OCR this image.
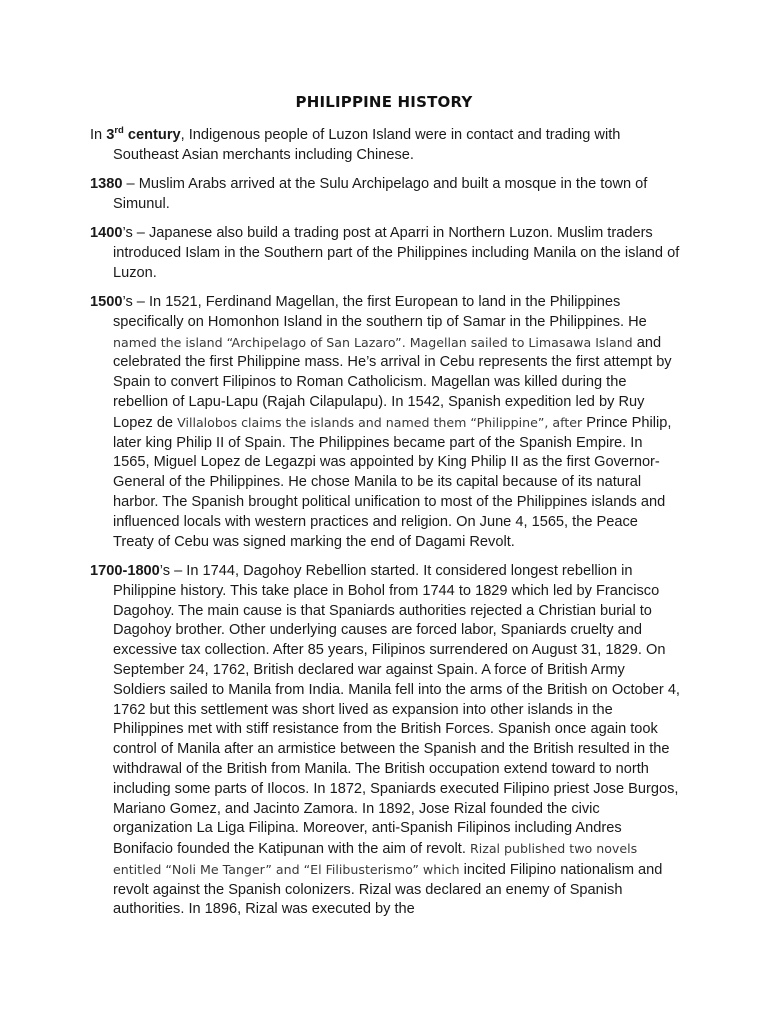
PHILIPPINE HISTORY

In 3rd century, Indigenous people of Luzon Island were in contact and trading with Southeast Asian merchants including Chinese.

1380 – Muslim Arabs arrived at the Sulu Archipelago and built a mosque in the town of Simunul.

1400’s – Japanese also build a trading post at Aparri in Northern Luzon. Muslim traders introduced Islam in the Southern part of the Philippines including Manila on the island of Luzon.

1500’s – In 1521, Ferdinand Magellan, the first European to land in the Philippines specifically on Homonhon Island in the southern tip of Samar in the Philippines. He named the island “Archipelago of San Lazaro”. Magellan sailed to Limasawa Island and celebrated the first Philippine mass. He’s arrival in Cebu represents the first attempt by Spain to convert Filipinos to Roman Catholicism. Magellan was killed during the rebellion of Lapu-Lapu (Rajah Cilapulapu). In 1542, Spanish expedition led by Ruy Lopez de Villalobos claims the islands and named them “Philippine”, after Prince Philip, later king Philip II of Spain. The Philippines became part of the Spanish Empire. In 1565, Miguel Lopez de Legazpi was appointed by King Philip II as the first Governor-General of the Philippines. He chose Manila to be its capital because of its natural harbor. The Spanish brought political unification to most of the Philippines islands and influenced locals with western practices and religion. On June 4, 1565, the Peace Treaty of Cebu was signed marking the end of Dagami Revolt.

1700-1800’s – In 1744, Dagohoy Rebellion started. It considered longest rebellion in Philippine history. This take place in Bohol from 1744 to 1829 which led by Francisco Dagohoy. The main cause is that Spaniards authorities rejected a Christian burial to Dagohoy brother. Other underlying causes are forced labor, Spaniards cruelty and excessive tax collection. After 85 years, Filipinos surrendered on August 31, 1829. On September 24, 1762, British declared war against Spain. A force of British Army Soldiers sailed to Manila from India. Manila fell into the arms of the British on October 4, 1762 but this settlement was short lived as expansion into other islands in the Philippines met with stiff resistance from the British Forces. Spanish once again took control of Manila after an armistice between the Spanish and the British resulted in the withdrawal of the British from Manila. The British occupation extend toward to north including some parts of Ilocos. In 1872, Spaniards executed Filipino priest Jose Burgos, Mariano Gomez, and Jacinto Zamora. In 1892, Jose Rizal founded the civic organization La Liga Filipina. Moreover, anti-Spanish Filipinos including Andres Bonifacio founded the Katipunan with the aim of revolt. Rizal published two novels entitled “Noli Me Tanger” and “El Filibusterismo” which incited Filipino nationalism and revolt against the Spanish colonizers. Rizal was declared an enemy of Spanish authorities. In 1896, Rizal was executed by the
